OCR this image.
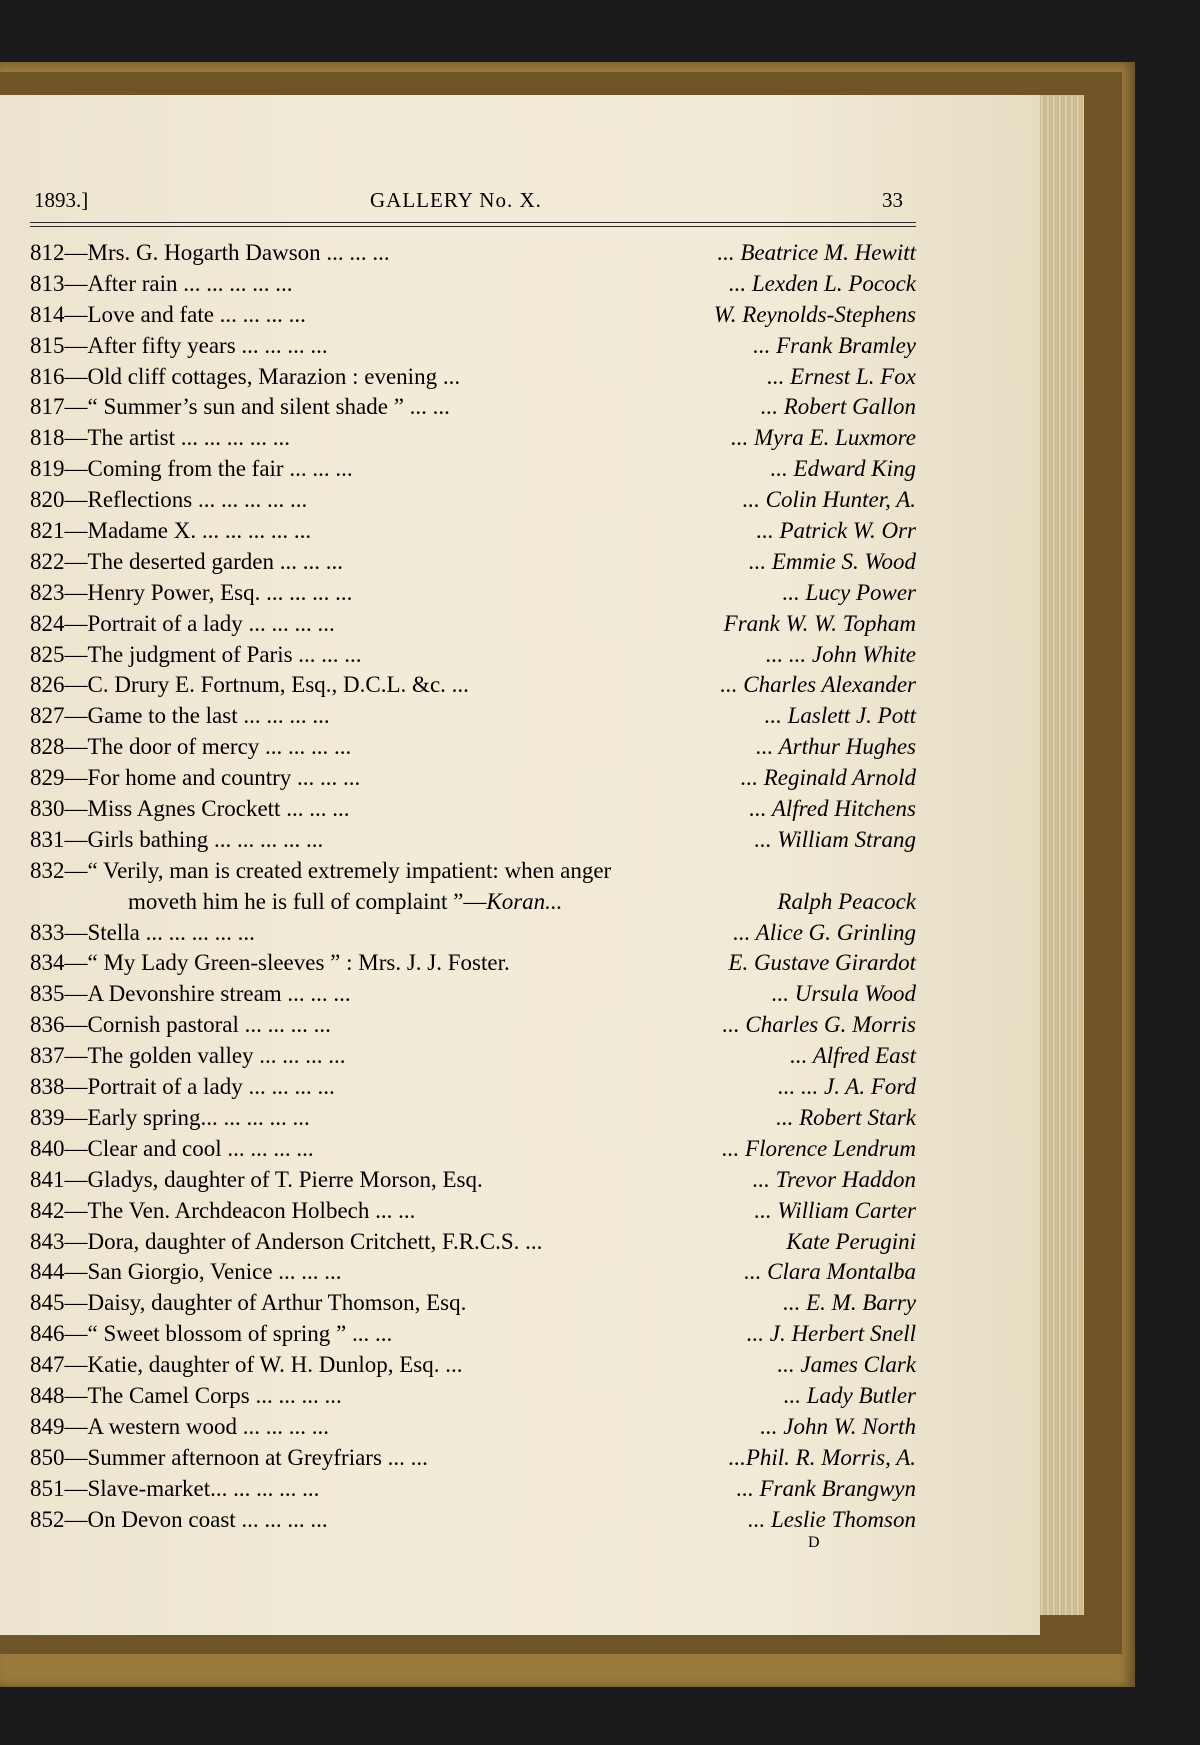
1893.]	GALLERY No. X.	33
812—Mrs. G. Hogarth Dawson ... ... ...	... Beatrice M. Hewitt
813—After rain ... ... ... ... ...	... Lexden L. Pocock
814—Love and fate ... ... ... ...	W. Reynolds-Stephens
815—After fifty years ... ... ... ...	... Frank Bramley
816—Old cliff cottages, Marazion : evening ...	... Ernest L. Fox
817—“ Summer’s sun and silent shade ” ... ...	... Robert Gallon
818—The artist ... ... ... ... ...	... Myra E. Luxmore
819—Coming from the fair ... ... ...	... Edward King
820—Reflections ... ... ... ... ...	... Colin Hunter, A.
821—Madame X. ... ... ... ... ...	... Patrick W. Orr
822—The deserted garden ... ... ...	... Emmie S. Wood
823—Henry Power, Esq. ... ... ... ...	... Lucy Power
824—Portrait of a lady ... ... ... ...	Frank W. W. Topham
825—The judgment of Paris ... ... ...	... ... John White
826—C. Drury E. Fortnum, Esq., D.C.L. &c. ...	... Charles Alexander
827—Game to the last ... ... ... ...	... Laslett J. Pott
828—The door of mercy ... ... ... ...	... Arthur Hughes
829—For home and country ... ... ...	... Reginald Arnold
830—Miss Agnes Crockett ... ... ...	... Alfred Hitchens
831—Girls bathing ... ... ... ... ...	... William Strang
832—“ Verily, man is created extremely impatient: when anger
moveth him he is full of complaint ”—Koran...	Ralph Peacock
833—Stella ... ... ... ... ...	... Alice G. Grinling
834—“ My Lady Green-sleeves ” : Mrs. J. J. Foster.	E. Gustave Girardot
835—A Devonshire stream ... ... ...	... Ursula Wood
836—Cornish pastoral ... ... ... ...	... Charles G. Morris
837—The golden valley ... ... ... ...	... Alfred East
838—Portrait of a lady ... ... ... ...	... ... J. A. Ford
839—Early spring... ... ... ... ...	... Robert Stark
840—Clear and cool ... ... ... ...	... Florence Lendrum
841—Gladys, daughter of T. Pierre Morson, Esq.	... Trevor Haddon
842—The Ven. Archdeacon Holbech ... ...	... William Carter
843—Dora, daughter of Anderson Critchett, F.R.C.S. ...	Kate Perugini
844—San Giorgio, Venice ... ... ...	... Clara Montalba
845—Daisy, daughter of Arthur Thomson, Esq.	... E. M. Barry
846—“ Sweet blossom of spring ” ... ...	... J. Herbert Snell
847—Katie, daughter of W. H. Dunlop, Esq. ...	... James Clark
848—The Camel Corps ... ... ... ...	... Lady Butler
849—A western wood ... ... ... ...	... John W. North
850—Summer afternoon at Greyfriars ... ...	...Phil. R. Morris, A.
851—Slave-market... ... ... ... ...	... Frank Brangwyn
852—On Devon coast ... ... ... ...	... Leslie Thomson
D
